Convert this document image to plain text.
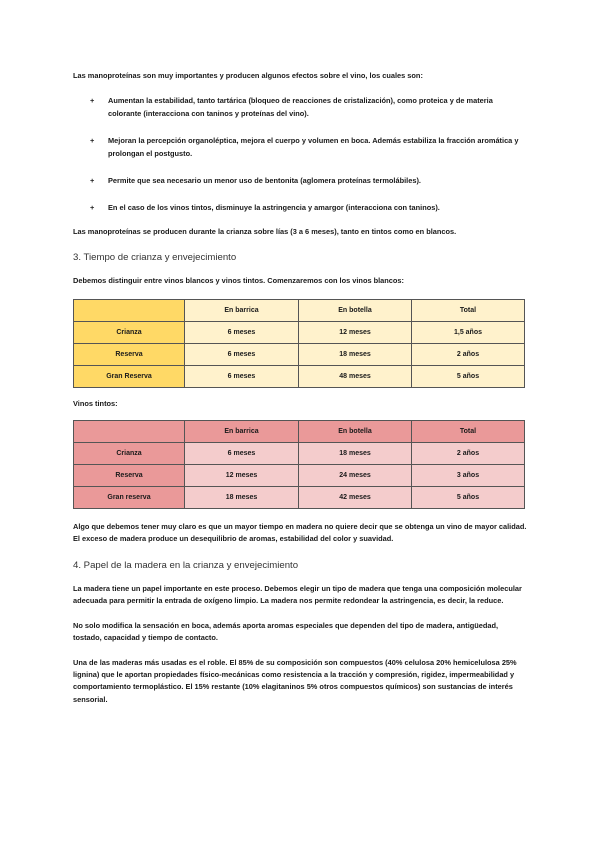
Las manoproteínas son muy importantes y producen algunos efectos sobre el vino, los cuales son:

+ Aumentan la estabilidad, tanto tartárica (bloqueo de reacciones de cristalización), como proteica y de materia colorante (interacciona con taninos y proteínas del vino).
+ Mejoran la percepción organoléptica, mejora el cuerpo y volumen en boca. Además estabiliza la fracción aromática y prolongan el postgusto.
+ Permite que sea necesario un menor uso de bentonita (aglomera proteínas termolábiles).
+ En el caso de los vinos tintos, disminuye la astringencia y amargor (interacciona con taninos).

Las manoproteínas se producen durante la crianza sobre lías (3 a 6 meses), tanto en tintos como en blancos.

3. Tiempo de crianza y envejecimiento

Debemos distinguir entre vinos blancos y vinos tintos. Comenzaremos con los vinos blancos:

	En barrica	En botella	Total
Crianza	6 meses	12 meses	1,5 años
Reserva	6 meses	18 meses	2 años
Gran Reserva	6 meses	48 meses	5 años

Vinos tintos:

	En barrica	En botella	Total
Crianza	6 meses	18 meses	2 años
Reserva	12 meses	24 meses	3 años
Gran reserva	18 meses	42 meses	5 años

Algo que debemos tener muy claro es que un mayor tiempo en madera no quiere decir que se obtenga un vino de mayor calidad. El exceso de madera produce un desequilibrio de aromas, estabilidad del color y suavidad.

4. Papel de la madera en la crianza y envejecimiento

La madera tiene un papel importante en este proceso. Debemos elegir un tipo de madera que tenga una composición molecular adecuada para permitir la entrada de oxígeno limpio. La madera nos permite redondear la astringencia, es decir, la reduce.

No solo modifica la sensación en boca, además aporta aromas especiales que dependen del tipo de madera, antigüedad, tostado, capacidad y tiempo de contacto.

Una de las maderas más usadas es el roble. El 85% de su composición son compuestos (40% celulosa 20% hemicelulosa 25% lignina) que le aportan propiedades físico-mecánicas como resistencia a la tracción y compresión, rigidez, impermeabilidad y comportamiento termoplástico. El 15% restante (10% elagitaninos 5% otros compuestos químicos) son sustancias de interés sensorial.
